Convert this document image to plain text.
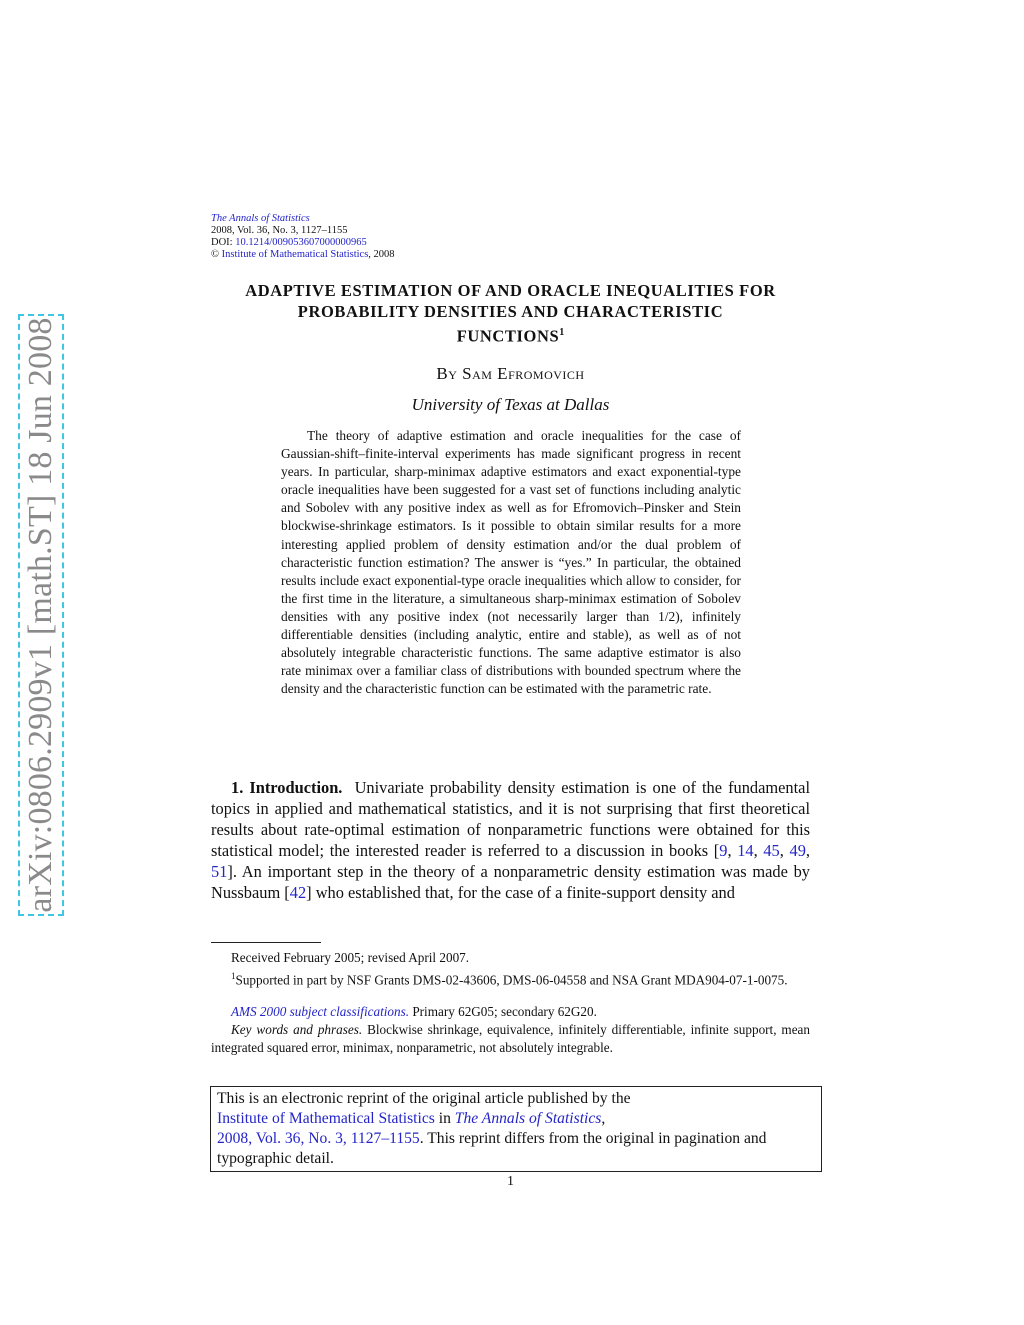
arXiv:0806.2909v1 [math.ST] 18 Jun 2008
The Annals of Statistics
2008, Vol. 36, No. 3, 1127–1155
DOI: 10.1214/009053607000000965
© Institute of Mathematical Statistics, 2008
ADAPTIVE ESTIMATION OF AND ORACLE INEQUALITIES FOR
PROBABILITY DENSITIES AND CHARACTERISTIC
FUNCTIONS$^1$
By Sam Efromovich
University of Texas at Dallas
The theory of adaptive estimation and oracle inequalities for the case of Gaussian-shift–finite-interval experiments has made significant progress in recent years. In particular, sharp-minimax adaptive estimators and exact exponential-type oracle inequalities have been suggested for a vast set of functions including analytic and Sobolev with any positive index as well as for Efromovich–Pinsker and Stein blockwise-shrinkage estimators. Is it possible to obtain similar results for a more interesting applied problem of density estimation and/or the dual problem of characteristic function estimation? The answer is “yes.” In particular, the obtained results include exact exponential-type oracle inequalities which allow to consider, for the first time in the literature, a simultaneous sharp-minimax estimation of Sobolev densities with any positive index (not necessarily larger than 1/2), infinitely differentiable densities (including analytic, entire and stable), as well as of not absolutely integrable characteristic functions. The same adaptive estimator is also rate minimax over a familiar class of distributions with bounded spectrum where the density and the characteristic function can be estimated with the parametric rate.
1. Introduction. Univariate probability density estimation is one of the fundamental topics in applied and mathematical statistics, and it is not surprising that first theoretical results about rate-optimal estimation of nonparametric functions were obtained for this statistical model; the interested reader is referred to a discussion in books [9, 14, 45, 49, 51]. An important step in the theory of a nonparametric density estimation was made by Nussbaum [42] who established that, for the case of a finite-support density and
Received February 2005; revised April 2007.
$^1$Supported in part by NSF Grants DMS-02-43606, DMS-06-04558 and NSA Grant MDA904-07-1-0075.
AMS 2000 subject classifications. Primary 62G05; secondary 62G20.
Key words and phrases. Blockwise shrinkage, equivalence, infinitely differentiable, infinite support, mean integrated squared error, minimax, nonparametric, not absolutely integrable.
This is an electronic reprint of the original article published by the
Institute of Mathematical Statistics in The Annals of Statistics,
2008, Vol. 36, No. 3, 1127–1155. This reprint differs from the original in pagination and typographic detail.
1
